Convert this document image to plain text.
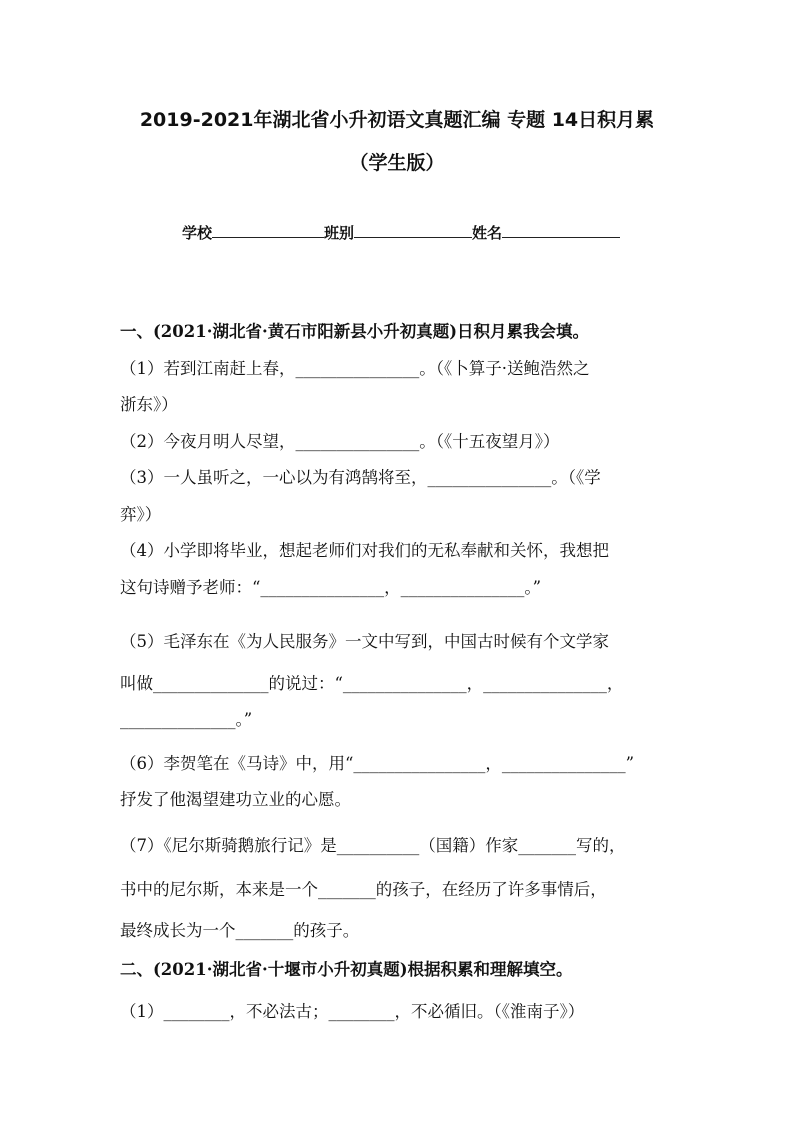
2019-2021年湖北省小升初语文真题汇编 专题 14日积月累
（学生版）
学校	班别	姓名
一、(2021·湖北省·黄石市阳新县小升初真题)日积月累我会填。
（1）若到江南赶上春，_______________。（《卜算子·送鲍浩然之
浙东》）
（2）今夜月明人尽望，_______________。（《十五夜望月》）
（3）一人虽听之，一心以为有鸿鹄将至，_______________。（《学
弈》）
（4）小学即将毕业，想起老师们对我们的无私奉献和关怀，我想把
这句诗赠予老师：“_______________，_______________。”
（5）毛泽东在《为人民服务》一文中写到，中国古时候有个文学家
叫做______________的说过：“_______________，_______________，
______________。”
（6）李贺笔在《马诗》中，用“________________，_______________”
抒发了他渴望建功立业的心愿。
（7）《尼尔斯骑鹅旅行记》是__________（国籍）作家_______写的，
书中的尼尔斯，本来是一个_______的孩子，在经历了许多事情后，
最终成长为一个_______的孩子。
二、(2021·湖北省·十堰市小升初真题)根据积累和理解填空。
（1）________，不必法古；________，不必循旧。（《淮南子》）
